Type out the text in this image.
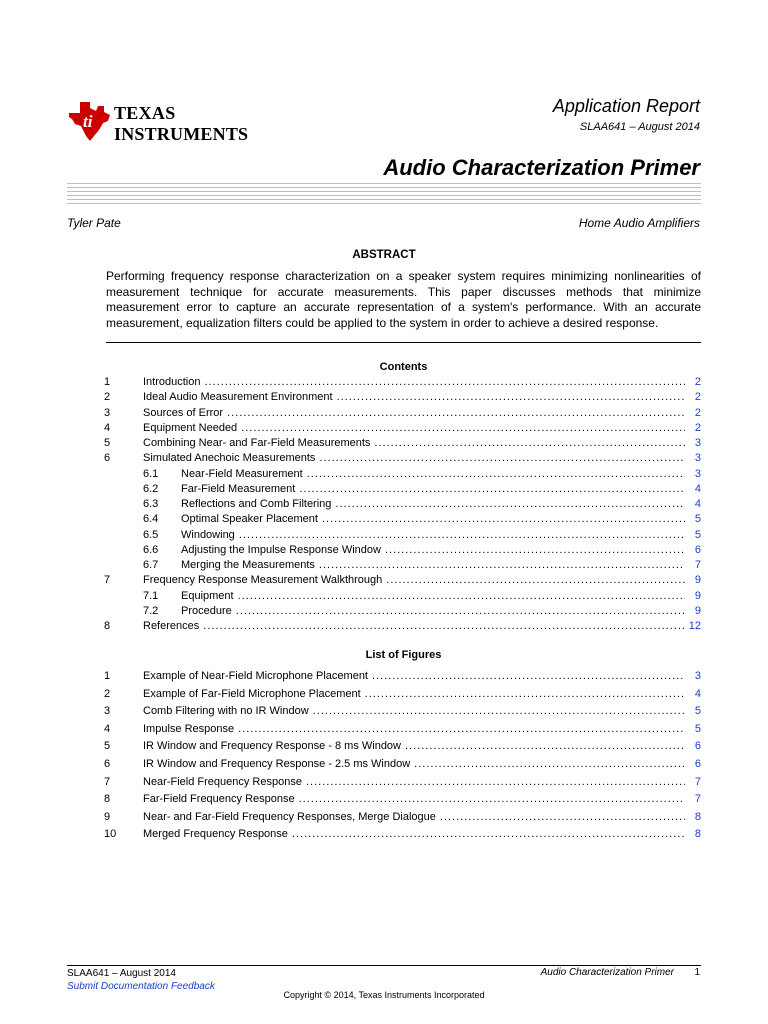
ti TEXAS
INSTRUMENTS
Application Report
SLAA641 – August 2014
Audio Characterization Primer
Tyler Pate	Home Audio Amplifiers
ABSTRACT
Performing frequency response characterization on a speaker system requires minimizing nonlinearities of measurement technique for accurate measurements. This paper discusses methods that minimize measurement error to capture an accurate representation of a system's performance. With an accurate measurement, equalization filters could be applied to the system in order to achieve a desired response.
Contents
1	Introduction .....	2
2	Ideal Audio Measurement Environment .....	2
3	Sources of Error .....	2
4	Equipment Needed .....	2
5	Combining Near- and Far-Field Measurements .....	3
6	Simulated Anechoic Measurements .....	3
6.1	Near-Field Measurement .....	3
6.2	Far-Field Measurement .....	4
6.3	Reflections and Comb Filtering .....	4
6.4	Optimal Speaker Placement .....	5
6.5	Windowing .....	5
6.6	Adjusting the Impulse Response Window .....	6
6.7	Merging the Measurements .....	7
7	Frequency Response Measurement Walkthrough .....	9
7.1	Equipment .....	9
7.2	Procedure .....	9
8	References .....	12
List of Figures
1	Example of Near-Field Microphone Placement .....	3
2	Example of Far-Field Microphone Placement .....	4
3	Comb Filtering with no IR Window .....	5
4	Impulse Response .....	5
5	IR Window and Frequency Response - 8 ms Window .....	6
6	IR Window and Frequency Response - 2.5 ms Window .....	6
7	Near-Field Frequency Response .....	7
8	Far-Field Frequency Response .....	7
9	Near- and Far-Field Frequency Responses, Merge Dialogue .....	8
10 Merged Frequency Response .....	8
SLAA641 – August 2014
Submit Documentation Feedback
Audio Characterization Primer 1
Copyright © 2014, Texas Instruments Incorporated
